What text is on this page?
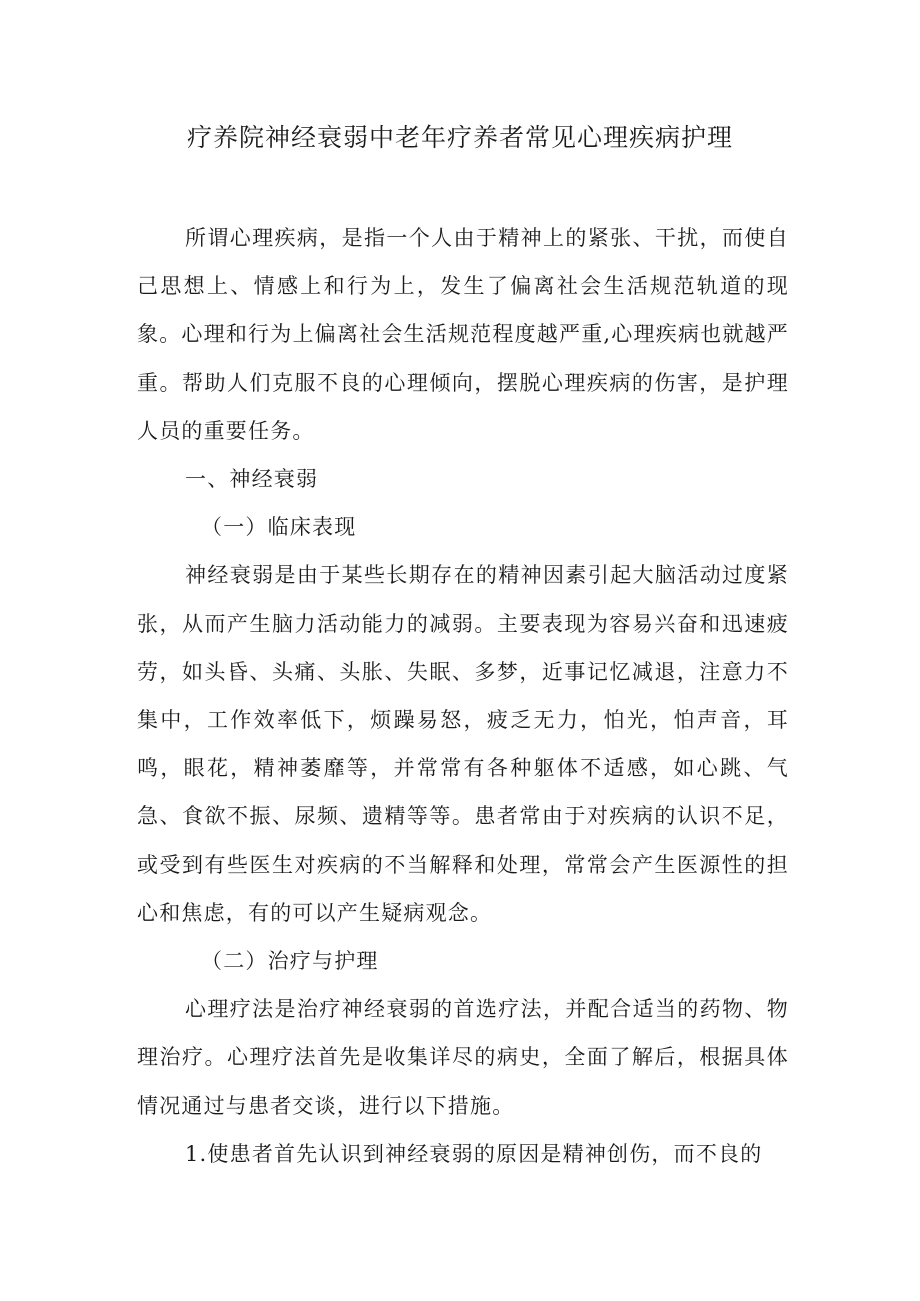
疗养院神经衰弱中老年疗养者常见心理疾病护理

所谓心理疾病，是指一个人由于精神上的紧张、干扰，而使自己思想上、情感上和行为上，发生了偏离社会生活规范轨道的现象。心理和行为上偏离社会生活规范程度越严重,心理疾病也就越严重。帮助人们克服不良的心理倾向，摆脱心理疾病的伤害，是护理人员的重要任务。

一、神经衰弱

（一）临床表现

神经衰弱是由于某些长期存在的精神因素引起大脑活动过度紧张，从而产生脑力活动能力的减弱。主要表现为容易兴奋和迅速疲劳，如头昏、头痛、头胀、失眠、多梦，近事记忆减退，注意力不集中，工作效率低下，烦躁易怒，疲乏无力，怕光，怕声音，耳鸣，眼花，精神萎靡等，并常常有各种躯体不适感，如心跳、气急、食欲不振、尿频、遗精等等。患者常由于对疾病的认识不足，或受到有些医生对疾病的不当解释和处理，常常会产生医源性的担心和焦虑，有的可以产生疑病观念。

（二）治疗与护理

心理疗法是治疗神经衰弱的首选疗法，并配合适当的药物、物理治疗。心理疗法首先是收集详尽的病史，全面了解后，根据具体情况通过与患者交谈，进行以下措施。

1.使患者首先认识到神经衰弱的原因是精神创伤，而不良的
